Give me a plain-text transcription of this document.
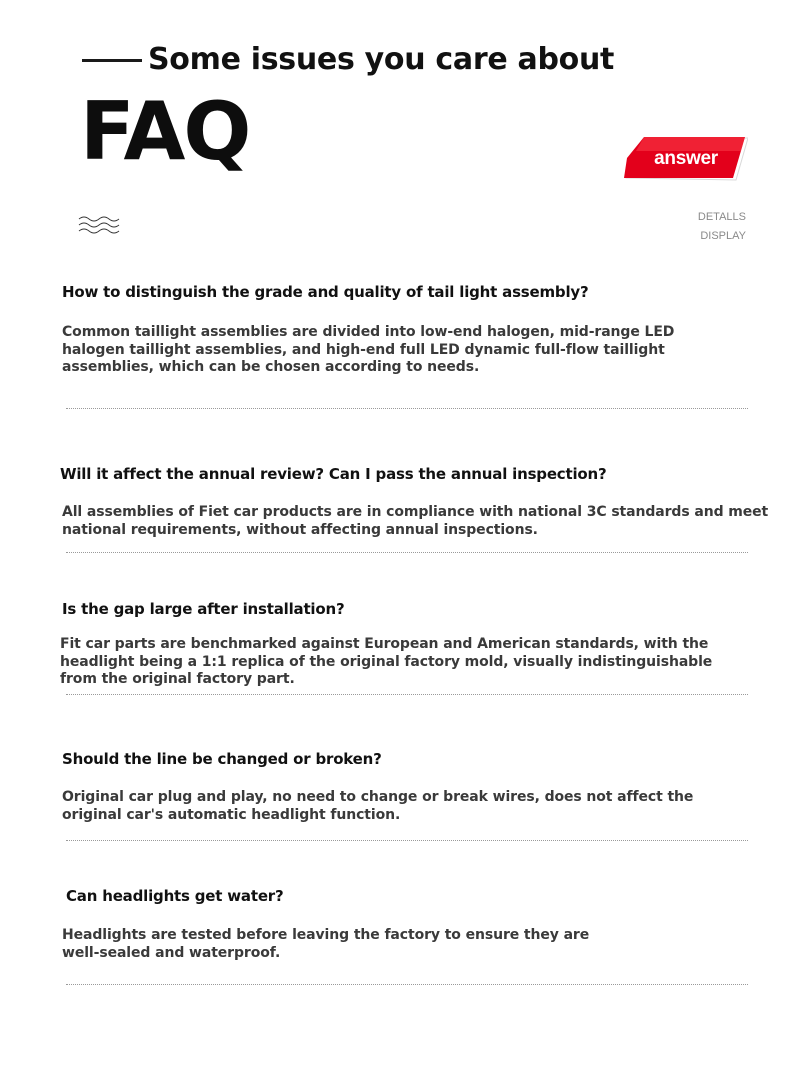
Some issues you care about
FAQ	answer
DETALLS
DISPLAY
How to distinguish the grade and quality of tail light assembly?

Common taillight assemblies are divided into low-end halogen, mid-range LED
halogen taillight assemblies, and high-end full LED dynamic full-flow taillight
assemblies, which can be chosen according to needs.

Will it affect the annual review? Can I pass the annual inspection?

All assemblies of Fiet car products are in compliance with national 3C standards and meet
national requirements, without affecting annual inspections.

Is the gap large after installation?

Fit car parts are benchmarked against European and American standards, with the
headlight being a 1:1 replica of the original factory mold, visually indistinguishable
from the original factory part.

Should the line be changed or broken?

Original car plug and play, no need to change or break wires, does not affect the
original car's automatic headlight function.

Can headlights get water?

Headlights are tested before leaving the factory to ensure they are
well-sealed and waterproof.
